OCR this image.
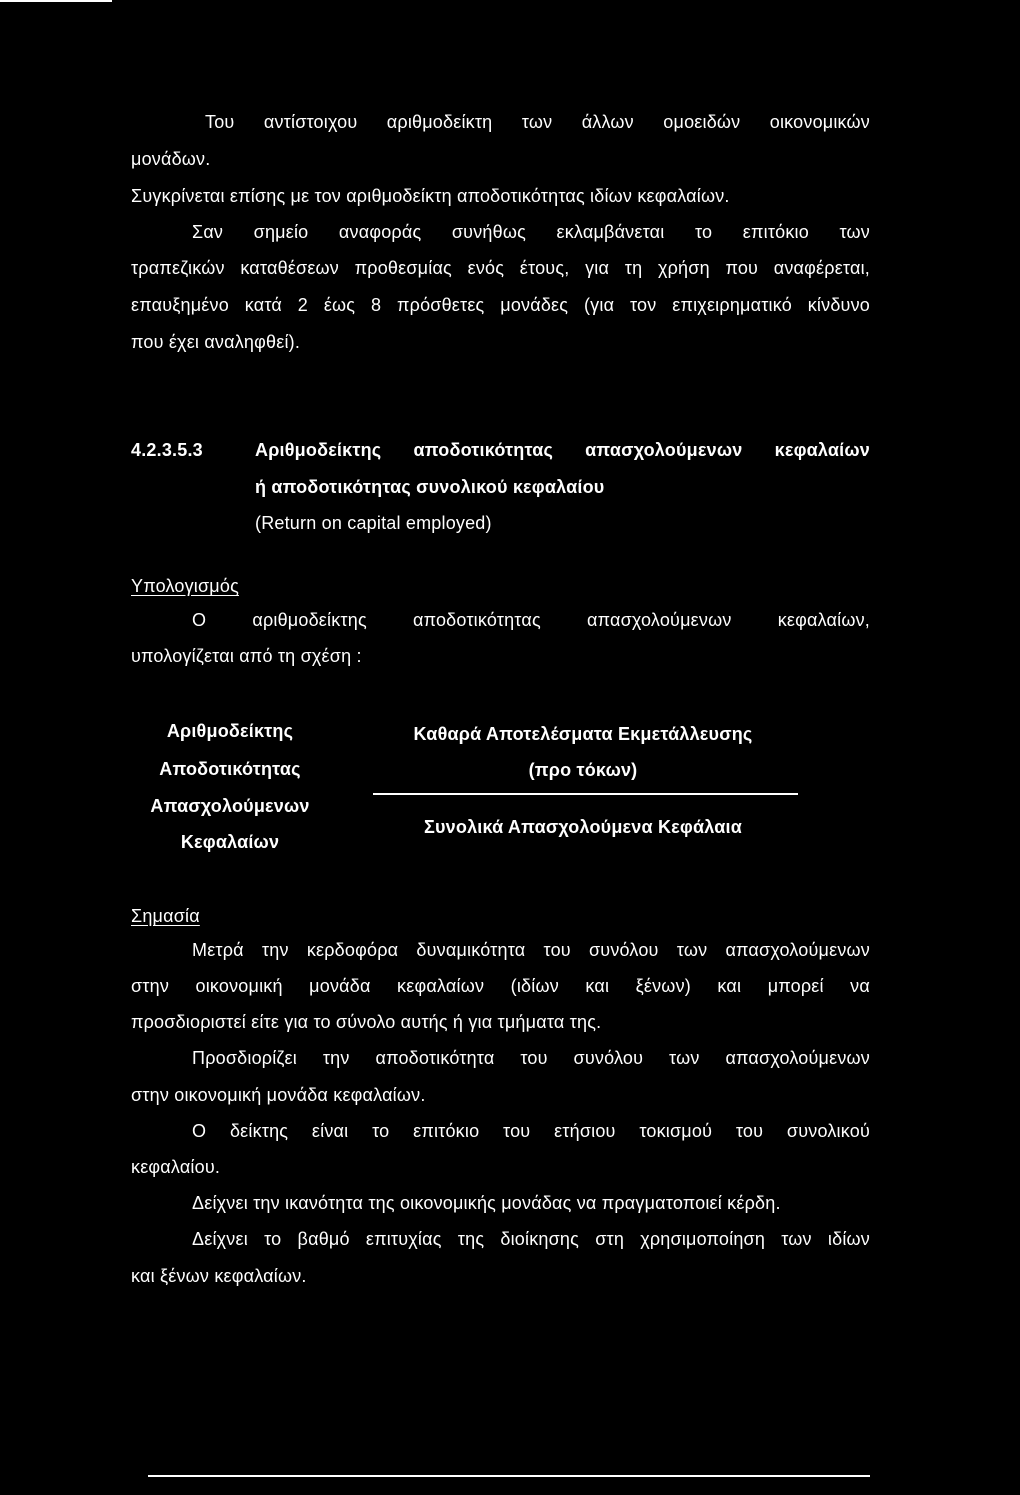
Του αντίστοιχου αριθμοδείκτη των άλλων ομοειδών οικονομικών
μονάδων.
Συγκρίνεται επίσης με τον αριθμοδείκτη αποδοτικότητας ιδίων κεφαλαίων.
Σαν σημείο αναφοράς συνήθως εκλαμβάνεται το επιτόκιο των
τραπεζικών καταθέσεων προθεσμίας ενός έτους, για τη χρήση που αναφέρεται,
επαυξημένο κατά 2 έως 8 πρόσθετες μονάδες (για τον επιχειρηματικό κίνδυνο
που έχει αναληφθεί).
4.2.3.5.3	Αριθμοδείκτης αποδοτικότητας απασχολούμενων κεφαλαίων
ή αποδοτικότητας συνολικού κεφαλαίου
(Return on capital employed)
Υπολογισμός
Ο αριθμοδείκτης αποδοτικότητας απασχολούμενων κεφαλαίων,
υπολογίζεται από τη σχέση :
Αριθμοδείκτης
Αποδοτικότητας
Απασχολούμενων
Κεφαλαίων
Καθαρά Αποτελέσματα Εκμετάλλευσης
(προ τόκων)
Συνολικά Απασχολούμενα Κεφάλαια
Σημασία
Μετρά την κερδοφόρα δυναμικότητα του συνόλου των απασχολούμενων
στην οικονομική μονάδα κεφαλαίων (ιδίων και ξένων) και μπορεί να
προσδιοριστεί είτε για το σύνολο αυτής ή για τμήματα της.
Προσδιορίζει την αποδοτικότητα του συνόλου των απασχολούμενων
στην οικονομική μονάδα κεφαλαίων.
Ο δείκτης είναι το επιτόκιο του ετήσιου τοκισμού του συνολικού
κεφαλαίου.
Δείχνει την ικανότητα της οικονομικής μονάδας να πραγματοποιεί κέρδη.
Δείχνει το βαθμό επιτυχίας της διοίκησης στη χρησιμοποίηση των ιδίων
και ξένων κεφαλαίων.
